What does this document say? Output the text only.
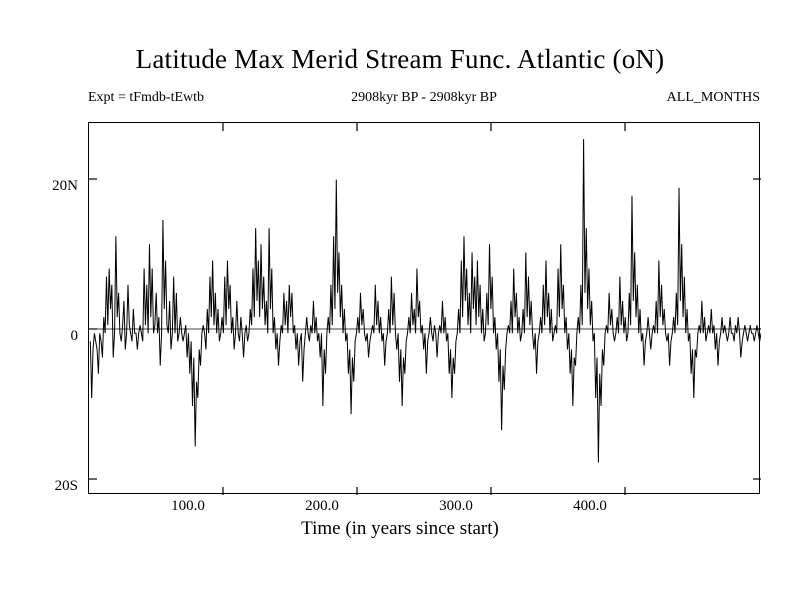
Latitude Max Merid Stream Func. Atlantic (oN)
Expt = tFmdb-tEwtb	2908kyr BP - 2908kyr BP	ALL_MONTHS
20N
0
20S
100.0	200.0	300.0	400.0
Time (in years since start)
